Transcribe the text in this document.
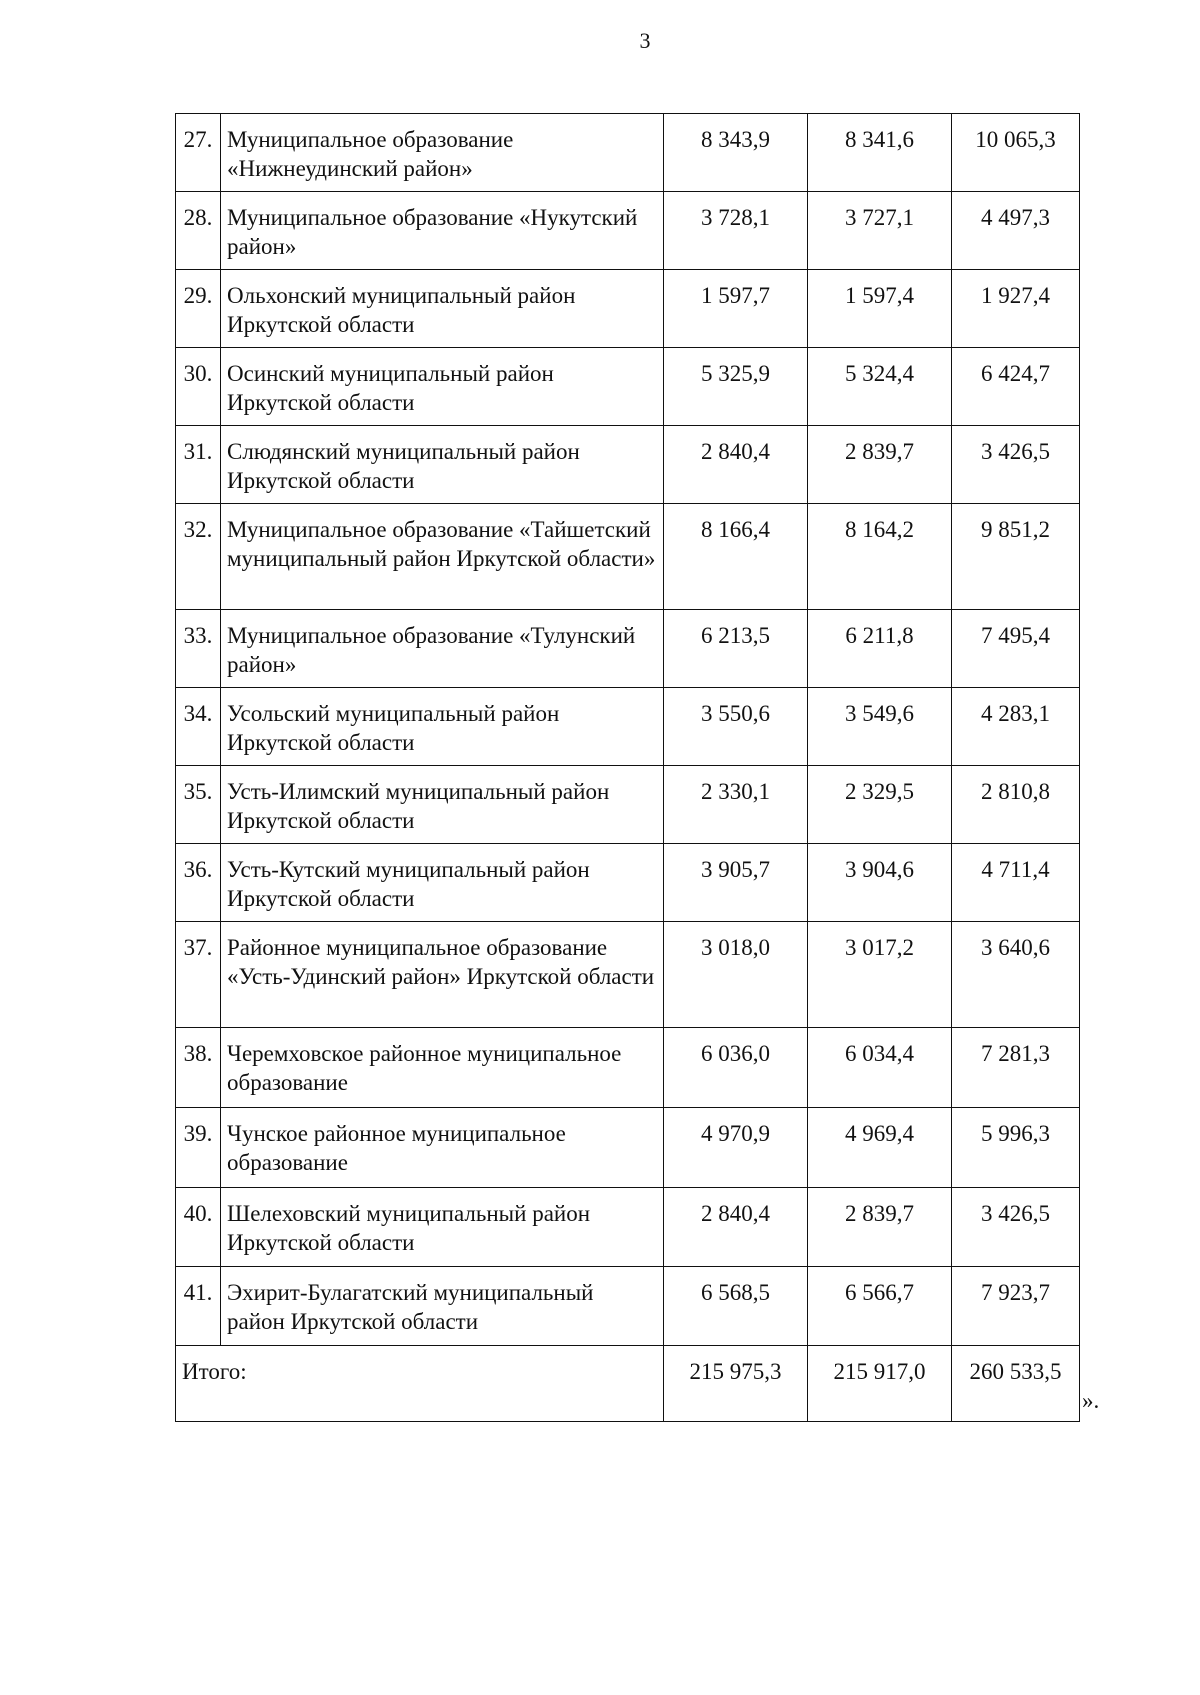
3
27.	Муниципальное образование «Нижнеудинский район»	8 343,9	8 341,6	10 065,3
28.	Муниципальное образование «Нукутский район»	3 728,1	3 727,1	4 497,3
29.	Ольхонский муниципальный район Иркутской области	1 597,7	1 597,4	1 927,4
30.	Осинский муниципальный район Иркутской области	5 325,9	5 324,4	6 424,7
31.	Слюдянский муниципальный район Иркутской области	2 840,4	2 839,7	3 426,5
32.	Муниципальное образование «Тайшетский муниципальный район Иркутской области»	8 166,4	8 164,2	9 851,2
33.	Муниципальное образование «Тулунский район»	6 213,5	6 211,8	7 495,4
34.	Усольский муниципальный район Иркутской области	3 550,6	3 549,6	4 283,1
35.	Усть-Илимский муниципальный район Иркутской области	2 330,1	2 329,5	2 810,8
36.	Усть-Кутский муниципальный район Иркутской области	3 905,7	3 904,6	4 711,4
37.	Районное муниципальное образование «Усть-Удинский район» Иркутской области	3 018,0	3 017,2	3 640,6
38.	Черемховское районное муниципальное образование	6 036,0	6 034,4	7 281,3
39.	Чунское районное муниципальное образование	4 970,9	4 969,4	5 996,3
40.	Шелеховский муниципальный район Иркутской области	2 840,4	2 839,7	3 426,5
41.	Эхирит-Булагатский муниципальный район Иркутской области	6 568,5	6 566,7	7 923,7
Итого:		215 975,3	215 917,0	260 533,5
».
